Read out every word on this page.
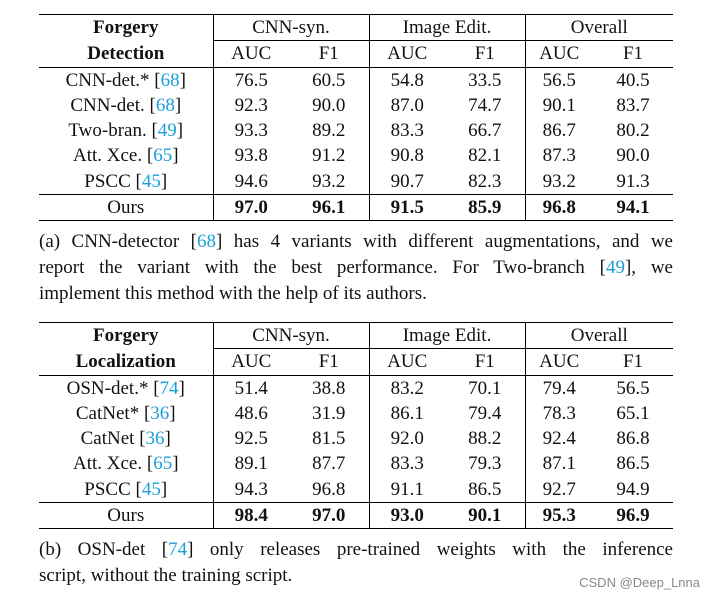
Forgery	CNN-syn.		Image Edit.		Overall	
Detection	AUC	F1	AUC	F1	AUC	F1
CNN-det.* [68]	76.5	60.5	54.8	33.5	56.5	40.5
CNN-det. [68]	92.3	90.0	87.0	74.7	90.1	83.7
Two-bran. [49]	93.3	89.2	83.3	66.7	86.7	80.2
Att. Xce. [65]	93.8	91.2	90.8	82.1	87.3	90.0
PSCC [45]	94.6	93.2	90.7	82.3	93.2	91.3
Ours	97.0	96.1	91.5	85.9	96.8	94.1
(a) CNN-detector [68] has 4 variants with different augmentations, and we
report the variant with the best performance. For Two-branch [49], we
implement this method with the help of its authors.
Forgery	CNN-syn.		Image Edit.		Overall	
Localization	AUC	F1	AUC	F1	AUC	F1
OSN-det.* [74]	51.4	38.8	83.2	70.1	79.4	56.5
CatNet* [36]	48.6	31.9	86.1	79.4	78.3	65.1
CatNet [36]	92.5	81.5	92.0	88.2	92.4	86.8
Att. Xce. [65]	89.1	87.7	83.3	79.3	87.1	86.5
PSCC [45]	94.3	96.8	91.1	86.5	92.7	94.9
Ours	98.4	97.0	93.0	90.1	95.3	96.9
(b) OSN-det [74] only releases pre-trained weights with the inference
script, without the training script.	CSDN @Deep_Lnna
